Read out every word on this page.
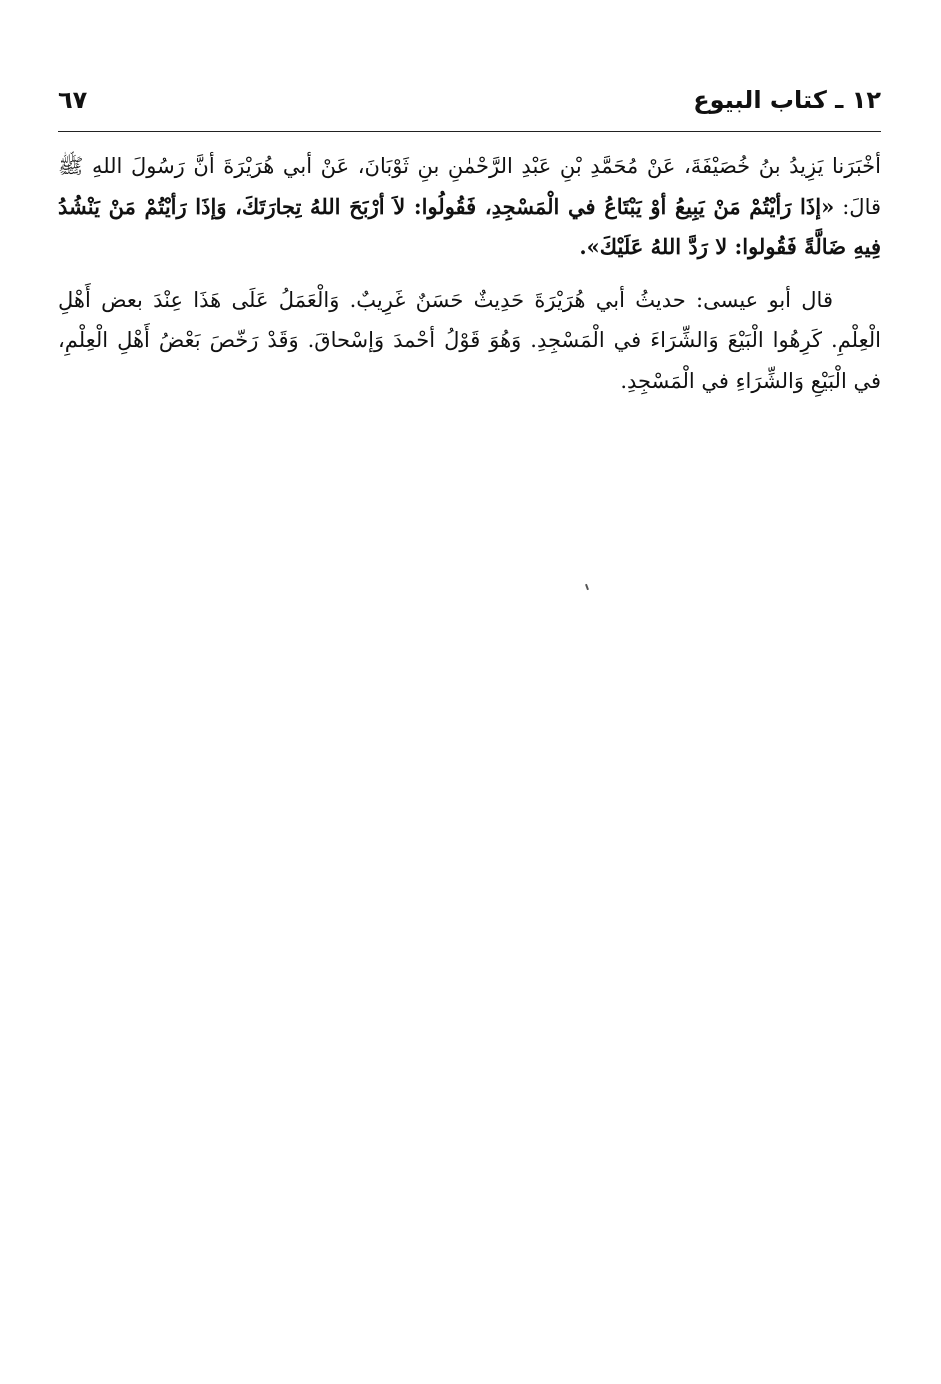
١٢ ـ كتاب البيوع
٦٧

أخْبَرَنا يَزِيدُ بنُ خُصَيْفَةَ، عَنْ مُحَمَّدِ بْنِ عَبْدِ الرَّحْمٰنِ بنِ ثَوْبَانَ، عَنْ أبي هُرَيْرَةَ أنَّ رَسُولَ اللهِ ﷺ قالَ: «إذَا رَأيْتُمْ مَنْ يَبِيعُ أوْ يَبْتَاعُ في الْمَسْجِدِ، فَقُولُوا: لاَ أرْبَحَ اللهُ تِجارَتَكَ، وَإذَا رَأيْتُمْ مَنْ يَنْشُدُ فِيهِ ضَالَّةً فَقُولوا: لا رَدَّ اللهُ عَلَيْكَ».

قال أبو عيسى: حديثُ أبي هُرَيْرَةَ حَدِيثٌ حَسَنٌ غَرِيبٌ. وَالْعَمَلُ عَلَى هَذَا عِنْدَ بعض أَهْلِ الْعِلْمِ. كَرِهُوا الْبَيْعَ وَالشِّرَاءَ في الْمَسْجِدِ. وَهُوَ قَوْلُ أحْمدَ وَإسْحاقَ. وَقَدْ رَخّصَ بَعْضُ أَهْلِ الْعِلْمِ، في الْبَيْعِ وَالشِّرَاءِ في الْمَسْجِدِ.
